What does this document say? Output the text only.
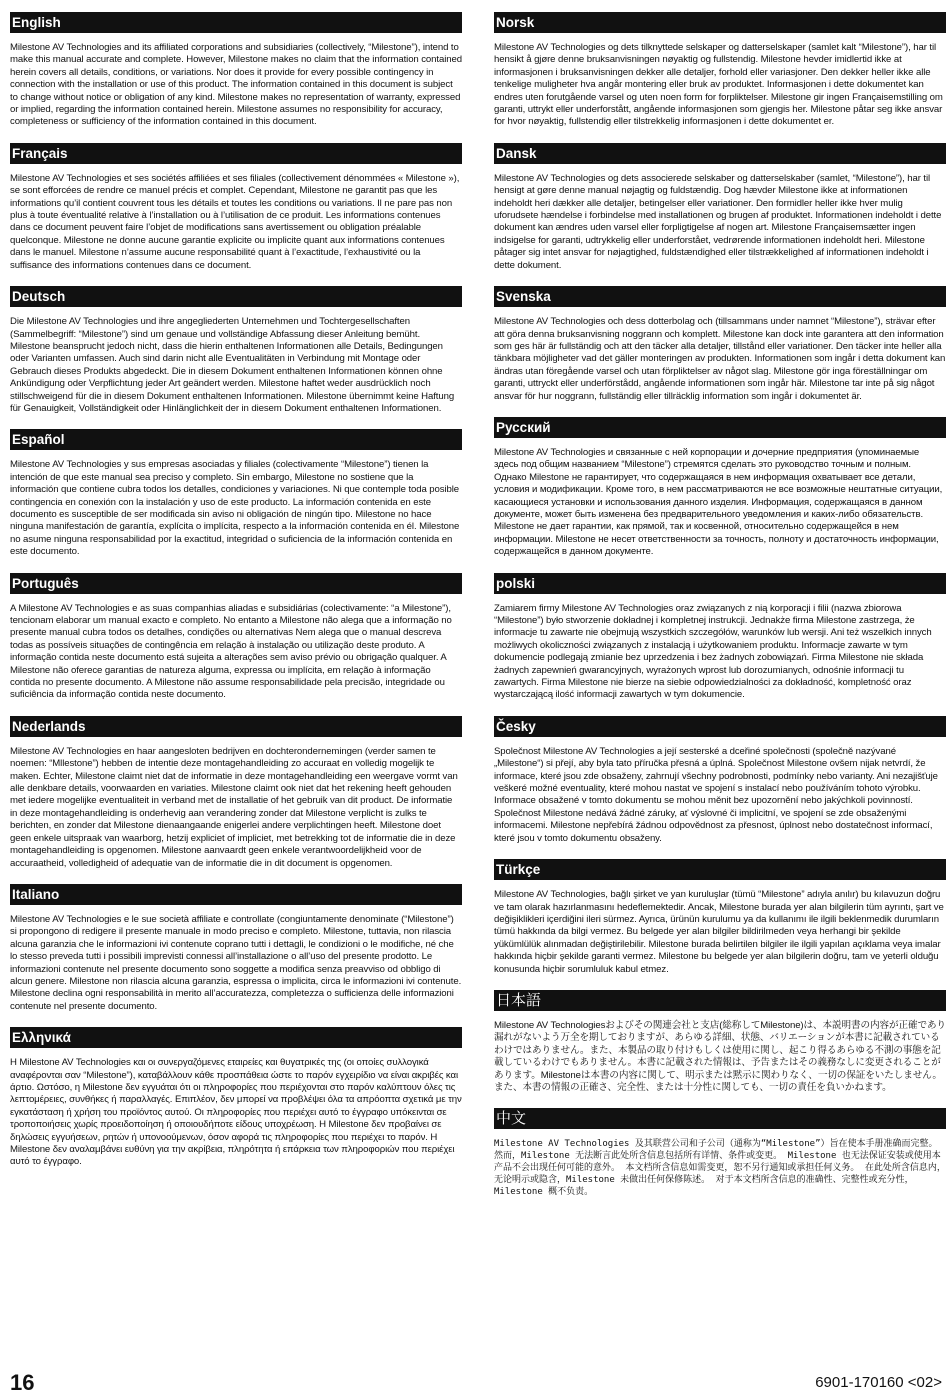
English
Milestone AV Technologies and its affiliated corporations and subsidiaries (collectively, “Milestone”), intend to make this manual accurate and complete. However, Milestone makes no claim that the information contained herein covers all details, conditions, or variations. Nor does it provide for every possible contingency in connection with the installation or use of this product. The information contained in this document is subject to change without notice or obligation of any kind. Milestone makes no representation of warranty, expressed or implied, regarding the information contained herein. Milestone assumes no responsibility for accuracy, completeness or sufficiency of the information contained in this document.
Français
Milestone AV Technologies et ses sociétés affiliées et ses filiales (collectivement dénommées « Milestone »), se sont efforcées de rendre ce manuel précis et complet. Cependant, Milestone ne garantit pas que les informations qu’il contient couvrent tous les détails et toutes les conditions ou variations. Il ne pare pas non plus à toute éventualité relative à l’installation ou à l’utilisation de ce produit. Les informations contenues dans ce document peuvent faire l’objet de modifications sans avertissement ou obligation préalable quelconque. Milestone ne donne aucune garantie explicite ou implicite quant aux informations contenues dans le manuel. Milestone n’assume aucune responsabilité quant à l’exactitude, l’exhaustivité ou la suffisance des informations contenues dans ce document.
Deutsch
Die Milestone AV Technologies und ihre angegliederten Unternehmen und Tochtergesellschaften (Sammelbegriff: “Milestone”) sind um genaue und vollständige Abfassung dieser Anleitung bemüht. Milestone beansprucht jedoch nicht, dass die hierin enthaltenen Informationen alle Details, Bedingungen oder Varianten umfassen. Auch sind darin nicht alle Eventualitäten in Verbindung mit Montage oder Gebrauch dieses Produkts abgedeckt. Die in diesem Dokument enthaltenen Informationen können ohne Ankündigung oder Verpflichtung jeder Art geändert werden. Milestone haftet weder ausdrücklich noch stillschweigend für die in diesem Dokument enthaltenen Informationen. Milestone übernimmt keine Haftung für Genauigkeit, Vollständigkeit oder Hinlänglichkeit der in diesem Dokument enthaltenen Informationen.
Español
Milestone AV Technologies y sus empresas asociadas y filiales (colectivamente “Milestone”) tienen la intención de que este manual sea preciso y completo. Sin embargo, Milestone no sostiene que la información que contiene cubra todos los detalles, condiciones y variaciones. Ni que contemple toda posible contingencia en conexión con la instalación y uso de este producto. La información contenida en este documento es susceptible de ser modificada sin aviso ni obligación de ningún tipo. Milestone no hace ninguna manifestación de garantía, explícita o implícita, respecto a la información contenida en él. Milestone no asume ninguna responsabilidad por la exactitud, integridad o suficiencia de la información contenida en este documento.
Português
A Milestone AV Technologies e as suas companhias aliadas e subsidiárias (colectivamente: “a Milestone”), tencionam elaborar um manual exacto e completo. No entanto a Milestone não alega que a informação no presente manual cubra todos os detalhes, condições ou alternativas Nem alega que o manual descreva todas as possíveis situações de contingência em relação à instalação ou utilização deste produto. A informação contida neste documento está sujeita a alterações sem aviso prévio ou obrigação qualquer. A Milestone não oferece garantias de natureza alguma, expressa ou implícita, em relação à informação contida no presente documento. A Milestone não assume responsabilidade pela precisão, integridade ou suficiência da informação contida neste documento.
Nederlands
Milestone AV Technologies en haar aangesloten bedrijven en dochterondernemingen (verder samen te noemen: “Mllestone”) hebben de intentie deze montagehandleiding zo accuraat en volledig mogelijk te maken. Echter, Milestone claimt niet dat de informatie in deze montagehandleiding een weergave vormt van alle denkbare details, voorwaarden en variaties. Milestone claimt ook niet dat het rekening heeft gehouden met iedere mogelijke eventualiteit in verband met de installatie of het gebruik van dit product. De informatie in deze montagehandleiding is onderhevig aan verandering zonder dat Milestone verplicht is zulks te berichten, en zonder dat Milestone dienaangaande enigerlei andere verplichtingen heeft. Milestone doet geen enkele uitspraak van waarborg, hetzij expliciet of impliciet, met betrekking tot de informatie die in deze montagehandleiding is opgenomen. Milestone aanvaardt geen enkele verantwoordelijkheid voor de accuraatheid, volledigheid of adequatie van de informatie die in dit document is opgenomen.
Italiano
Milestone AV Technologies e le sue società affiliate e controllate (congiuntamente denominate (“Milestone”) si propongono di redigere il presente manuale in modo preciso e completo. Milestone, tuttavia, non rilascia alcuna garanzia che le informazioni ivi contenute coprano tutti i dettagli, le condizioni o le modifiche, né che lo stesso preveda tutti i possibili imprevisti connessi all’installazione o all’uso del presente prodotto. Le informazioni contenute nel presente documento sono soggette a modifica senza preavviso od obbligo di alcun genere. Milestone non rilascia alcuna garanzia, espressa o implicita, circa le informazioni ivi contenute. Milestone declina ogni responsabilità in merito all’accuratezza, completezza o sufficienza delle informazioni contenute nel presente documento.
Ελληνικά
Η Milestone AV Technologies και οι συνεργαζόμενες εταιρείες και θυγατρικές της (οι οποίες συλλογικά αναφέρονται σαν “Milestone”), καταβάλλουν κάθε προσπάθεια ώστε το παρόν εγχειρίδιο να είναι ακριβές και άρτιο. Ωστόσο, η Milestone δεν εγγυάται ότι οι πληροφορίες που περιέχονται στο παρόν καλύπτουν όλες τις λεπτομέρειες, συνθήκες ή παραλλαγές. Επιπλέον, δεν μπορεί να προβλέψει όλα τα απρόοπτα σχετικά με την εγκατάσταση ή χρήση του προϊόντος αυτού. Οι πληροφορίες που περιέχει αυτό το έγγραφο υπόκεινται σε τροποποιήσεις χωρίς προειδοποίηση ή οποιουδήποτε είδους υποχρέωση. Η Milestone δεν προβαίνει σε δηλώσεις εγγυήσεων, ρητών ή υπονοούμενων, όσον αφορά τις πληροφορίες που περιέχει το παρόν. Η Milestone δεν αναλαμβάνει ευθύνη για την ακρίβεια, πληρότητα ή επάρκεια των πληροφοριών που περιέχει αυτό το έγγραφο.
Norsk
Milestone AV Technologies og dets tilknyttede selskaper og datterselskaper (samlet kalt “Milestone”), har til hensikt å gjøre denne bruksanvisningen nøyaktig og fullstendig. Milestone hevder imidlertid ikke at informasjonen i bruksanvisningen dekker alle detaljer, forhold eller variasjoner. Den dekker heller ikke alle tenkelige muligheter hva angår montering eller bruk av produktet. Informasjonen i dette dokumentet kan endres uten forutgående varsel og uten noen form for forpliktelser. Milestone gir ingen Françaisemstilling om garanti, uttrykt eller underforstått, angående informasjonen som gjengis her. Milestone påtar seg ikke ansvar for hvor nøyaktig, fullstendig eller tilstrekkelig informasjonen i dette dokumentet er.
Dansk
Milestone AV Technologies og dets associerede selskaber og datterselskaber (samlet, “Milestone”), har til hensigt at gøre denne manual nøjagtig og fuldstændig. Dog hævder Milestone ikke at informationen indeholdt heri dækker alle detaljer, betingelser eller variationer. Den formidler heller ikke hver mulig uforudsete hændelse i forbindelse med installationen og brugen af produktet. Informationen indeholdt i dette dokument kan ændres uden varsel eller forpligtigelse af nogen art. Milestone Françaisemsætter ingen indsigelse for garanti, udtrykkelig eller underforstået, vedrørende informationen indeholdt heri. Milestone påtager sig intet ansvar for nøjagtighed, fuldstændighed eller tilstrækkelighed af informationen indeholdt i dette dokument.
Svenska
Milestone AV Technologies och dess dotterbolag och (tillsammans under namnet “Milestone”), strävar efter att göra denna bruksanvisning noggrann och komplett. Milestone kan dock inte garantera att den information som ges här är fullständig och att den täcker alla detaljer, tillstånd eller variationer. Den täcker inte heller alla tänkbara möjligheter vad det gäller monteringen av produkten. Informationen som ingår i detta dokument kan ändras utan föregående varsel och utan förpliktelser av något slag. Milestone gör inga föreställningar om garanti, uttryckt eller underförstådd, angående informationen som ingår här. Milestone tar inte på sig något ansvar för hur noggrann, fullständig eller tillräcklig information som ingår i dokumentet är.
Русский
Milestone AV Technologies и связанные с ней корпорации и дочерние предприятия (упоминаемые здесь под общим названием “Milestone”) стремятся сделать это руководство точным и полным. Однако Milestone не гарантирует, что содержащаяся в нем информация охватывает все детали, условия и модификации. Кроме того, в нем рассматриваются не все возможные нештатные ситуации, касающиеся установки и использования данного изделия. Информация, содержащаяся в данном документе, может быть изменена без предварительного уведомления и каких-либо обязательств. Milestone не дает гарантии, как прямой, так и косвенной, относительно содержащейся в нем информации. Milestone не несет ответственности за точность, полноту и достаточность информации, содержащейся в данном документе.
polski
Zamiarem firmy Milestone AV Technologies oraz związanych z nią korporacji i filii (nazwa zbiorowa “Milestone”) było stworzenie dokładnej i kompletnej instrukcji. Jednakże firma Milestone zastrzega, że informacje tu zawarte nie obejmują wszystkich szczegółów, warunków lub wersji. Ani też wszelkich innych możliwych okoliczności związanych z instalacją i użytkowaniem produktu. Informacje zawarte w tym dokumencie podlegają zmianie bez uprzedzenia i bez żadnych zobowiązań. Firma Milestone nie składa żadnych zapewnień gwarancyjnych, wyrażonych wprost lub dorozumianych, odnośnie informacji tu zawartych. Firma Milestone nie bierze na siebie odpowiedzialności za dokładność, kompletność oraz wystarczającą ilość informacji zawartych w tym dokumencie.
Česky
Společnost Milestone AV Technologies a její sesterské a dceřiné společnosti (společně nazývané „Milestone“) si přejí, aby byla tato příručka přesná a úplná. Společnost Milestone ovšem nijak netvrdí, že informace, které jsou zde obsaženy, zahrnují všechny podrobnosti, podmínky nebo varianty. Ani nezajišťuje veškeré možné eventuality, které mohou nastat ve spojení s instalací nebo používáním tohoto výrobku. Informace obsažené v tomto dokumentu se mohou měnit bez upozornění nebo jakýchkoli povinností. Společnost Milestone nedává žádné záruky, ať výslovné či implicitní, ve spojení se zde obsaženými informacemi. Milestone nepřebírá žádnou odpovědnost za přesnost, úplnost nebo dostatečnost informací, které jsou v tomto dokumentu obsaženy.
Türkçe
Milestone AV Technologies, bağlı şirket ve yan kuruluşlar (tümü “Milestone” adıyla anılır) bu kılavuzun doğru ve tam olarak hazırlanmasını hedeflemektedir. Ancak, Milestone burada yer alan bilgilerin tüm ayrıntı, şart ve değişiklikleri içerdiğini ileri sürmez. Ayrıca, ürünün kurulumu ya da kullanımı ile ilgili beklenmedik durumların tümü hakkında da bilgi vermez. Bu belgede yer alan bilgiler bildirilmeden veya herhangi bir şekilde yükümlülük alınmadan değiştirilebilir. Milestone burada belirtilen bilgiler ile ilgili yapılan açıklama veya imalar hakkında hiçbir şekilde garanti vermez. Milestone bu belgede yer alan bilgilerin doğru, tam ve yeterli olduğu konusunda hiçbir sorumluluk kabul etmez.
日本語
Milestone AV Technologiesおよびその関連会社と支店(総称してMilestone)は、本説明書の内容が正確であり漏れがないよう万全を期しておりますが、あらゆる詳細、状態、バリエーションが本書に記載されているわけではありません。また、本製品の取り付けもしくは使用に関し、起こり得るあらゆる不測の事態を記載しているわけでもありません。本書に記載された情報は、予告またはその義務なしに変更されることがあります。Milestoneは本書の内容に関して、明示または黙示に関わりなく、一切の保証をいたしません。また、本書の情報の正確さ、完全性、または十分性に関しても、一切の責任を負いかねます。
中文
Milestone AV Technologies 及其联营公司和子公司（通称为“Milestone”）旨在使本手册准确而完整。 然而，Milestone 无法断言此处所含信息包括所有详情、条件或变更。 Milestone 也无法保证安装或使用本产品不会出现任何可能的意外。 本文档所含信息如需变更，恕不另行通知或承担任何义务。 在此处所含信息内，无论明示或隐含，Milestone 未做出任何保修陈述。 对于本文档所含信息的准确性、完整性或充分性，Milestone 概不负责。
16	6901-170160 <02>
